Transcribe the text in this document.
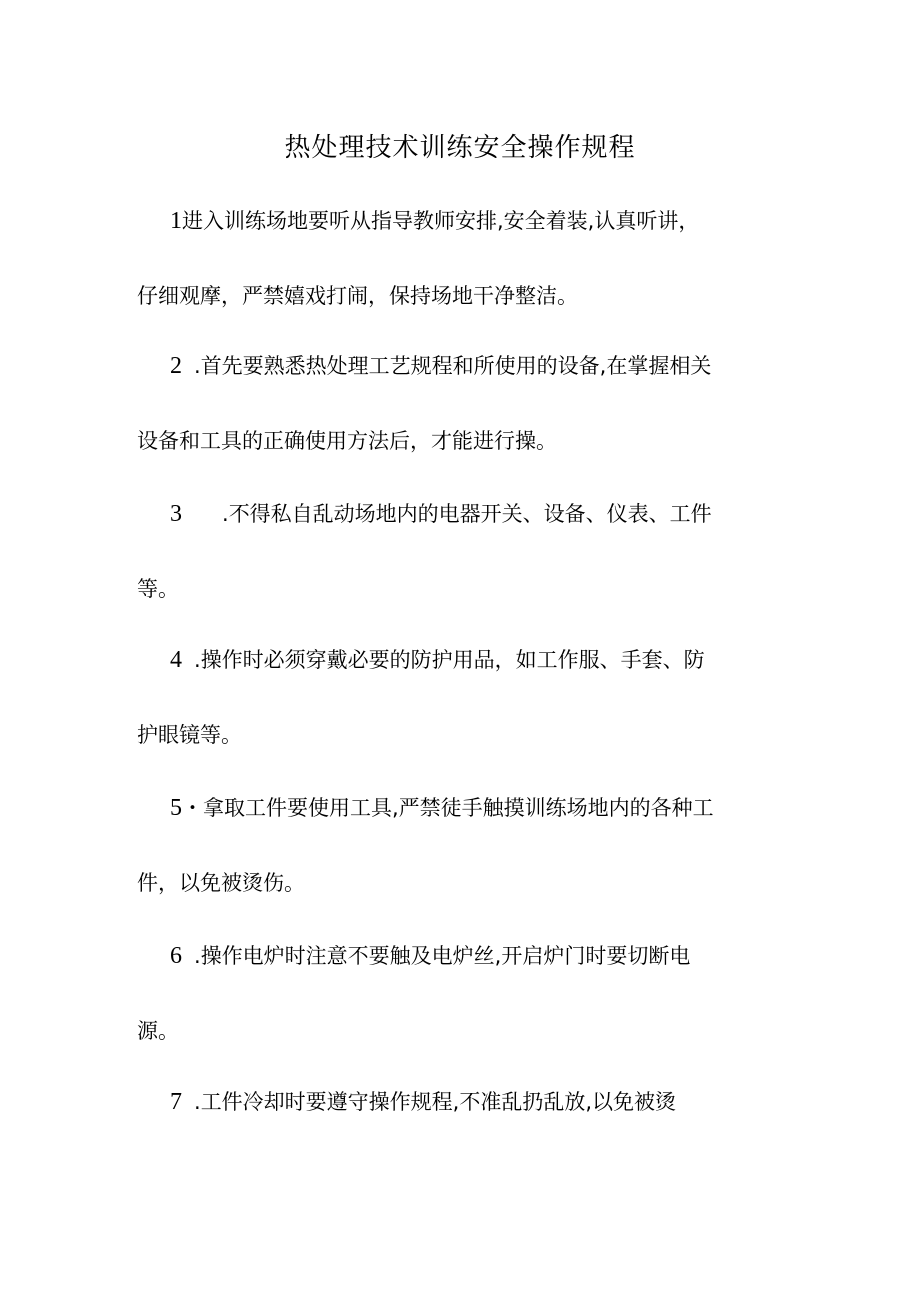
热处理技术训练安全操作规程
1进入训练场地要听从指导教师安排,安全着装,认真听讲，
仔细观摩，严禁嬉戏打闹，保持场地干净整洁。
2 .首先要熟悉热处理工艺规程和所使用的设备,在掌握相关
设备和工具的正确使用方法后，才能进行操。
3 .不得私自乱动场地内的电器开关、设备、仪表、工件
等。
4 .操作时必须穿戴必要的防护用品，如工作服、手套、防
护眼镜等。
5・拿取工件要使用工具,严禁徒手触摸训练场地内的各种工
件，以免被烫伤。
6 .操作电炉时注意不要触及电炉丝,开启炉门时要切断电
源。
7 .工件冷却时要遵守操作规程,不准乱扔乱放,以免被烫
